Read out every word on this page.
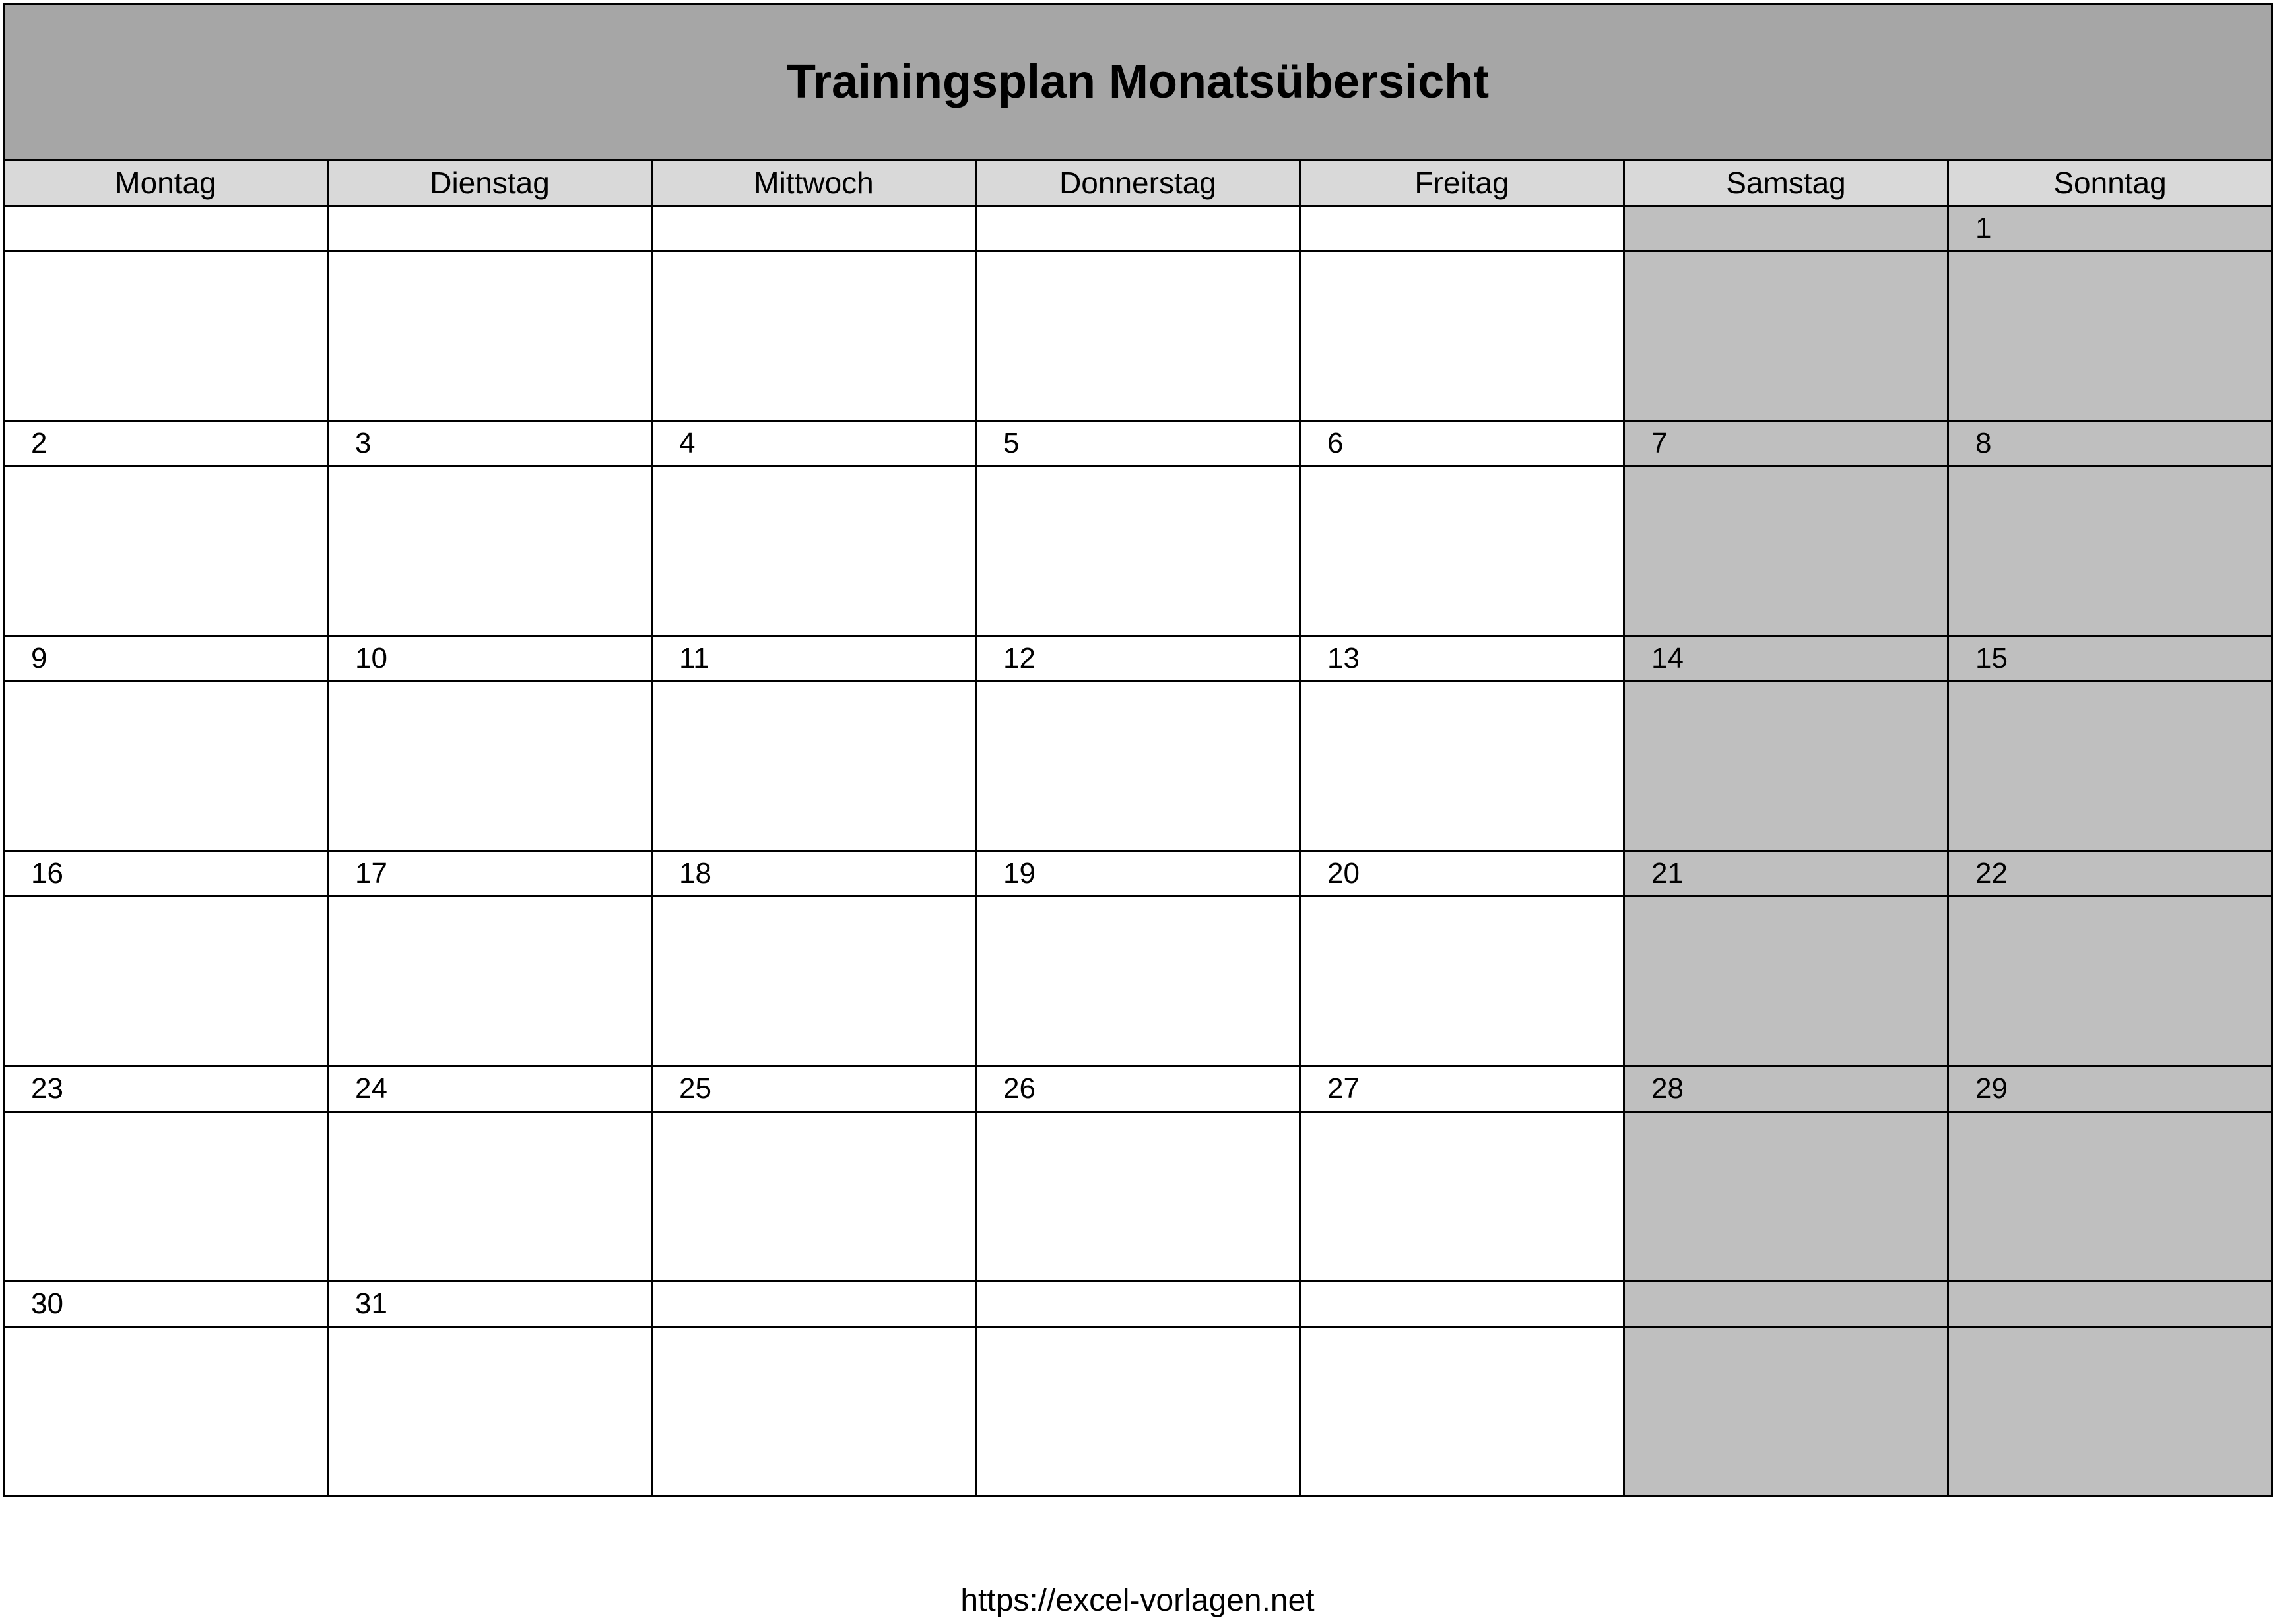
Trainingsplan Monatsübersicht						
Montag	Dienstag	Mittwoch	Donnerstag	Freitag	Samstag	Sonntag
						1

2	3	4	5	6	7	8

9	10	11	12	13	14	15

16	17	18	19	20	21	22

23	24	25	26	27	28	29

30	31					

https://excel-vorlagen.net
